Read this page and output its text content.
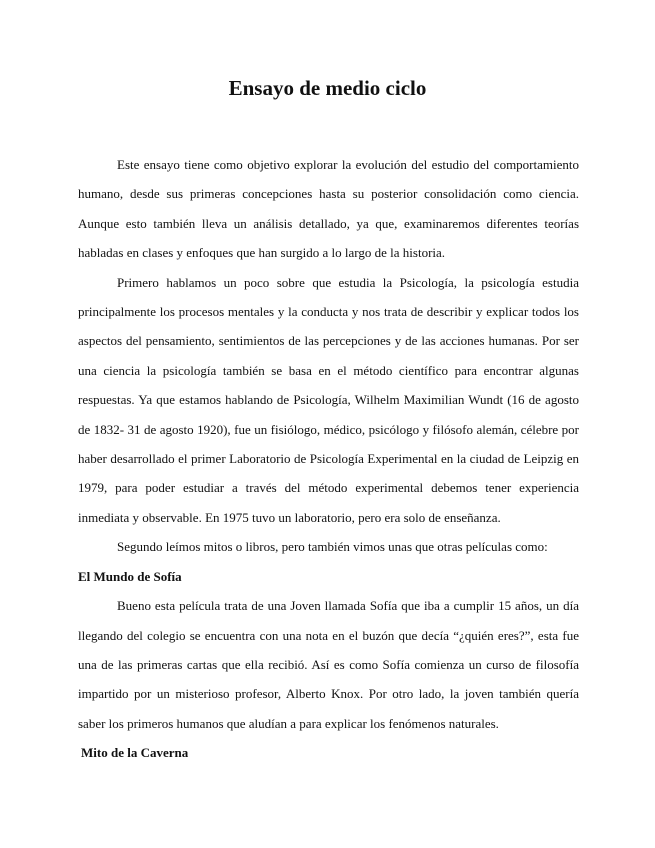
Ensayo de medio ciclo

Este ensayo tiene como objetivo explorar la evolución del estudio del comportamiento humano, desde sus primeras concepciones hasta su posterior consolidación como ciencia. Aunque esto también lleva un análisis detallado, ya que, examinaremos diferentes teorías habladas en clases y enfoques que han surgido a lo largo de la historia.

Primero hablamos un poco sobre que estudia la Psicología, la psicología estudia principalmente los procesos mentales y la conducta y nos trata de describir y explicar todos los aspectos del pensamiento, sentimientos de las percepciones y de las acciones humanas. Por ser una ciencia la psicología también se basa en el método científico para encontrar algunas respuestas. Ya que estamos hablando de Psicología, Wilhelm Maximilian Wundt (16 de agosto de 1832- 31 de agosto 1920), fue un fisiólogo, médico, psicólogo y filósofo alemán, célebre por haber desarrollado el primer Laboratorio de Psicología Experimental en la ciudad de Leipzig en 1979, para poder estudiar a través del método experimental debemos tener experiencia inmediata y observable. En 1975 tuvo un laboratorio, pero era solo de enseñanza.

Segundo leímos mitos o libros, pero también vimos unas que otras películas como:

El Mundo de Sofía

Bueno esta película trata de una Joven llamada Sofía que iba a cumplir 15 años, un día llegando del colegio se encuentra con una nota en el buzón que decía “¿quién eres?”, esta fue una de las primeras cartas que ella recibió. Así es como Sofía comienza un curso de filosofía impartido por un misterioso profesor, Alberto Knox. Por otro lado, la joven también quería saber los primeros humanos que aludían a para explicar los fenómenos naturales.

Mito de la Caverna
